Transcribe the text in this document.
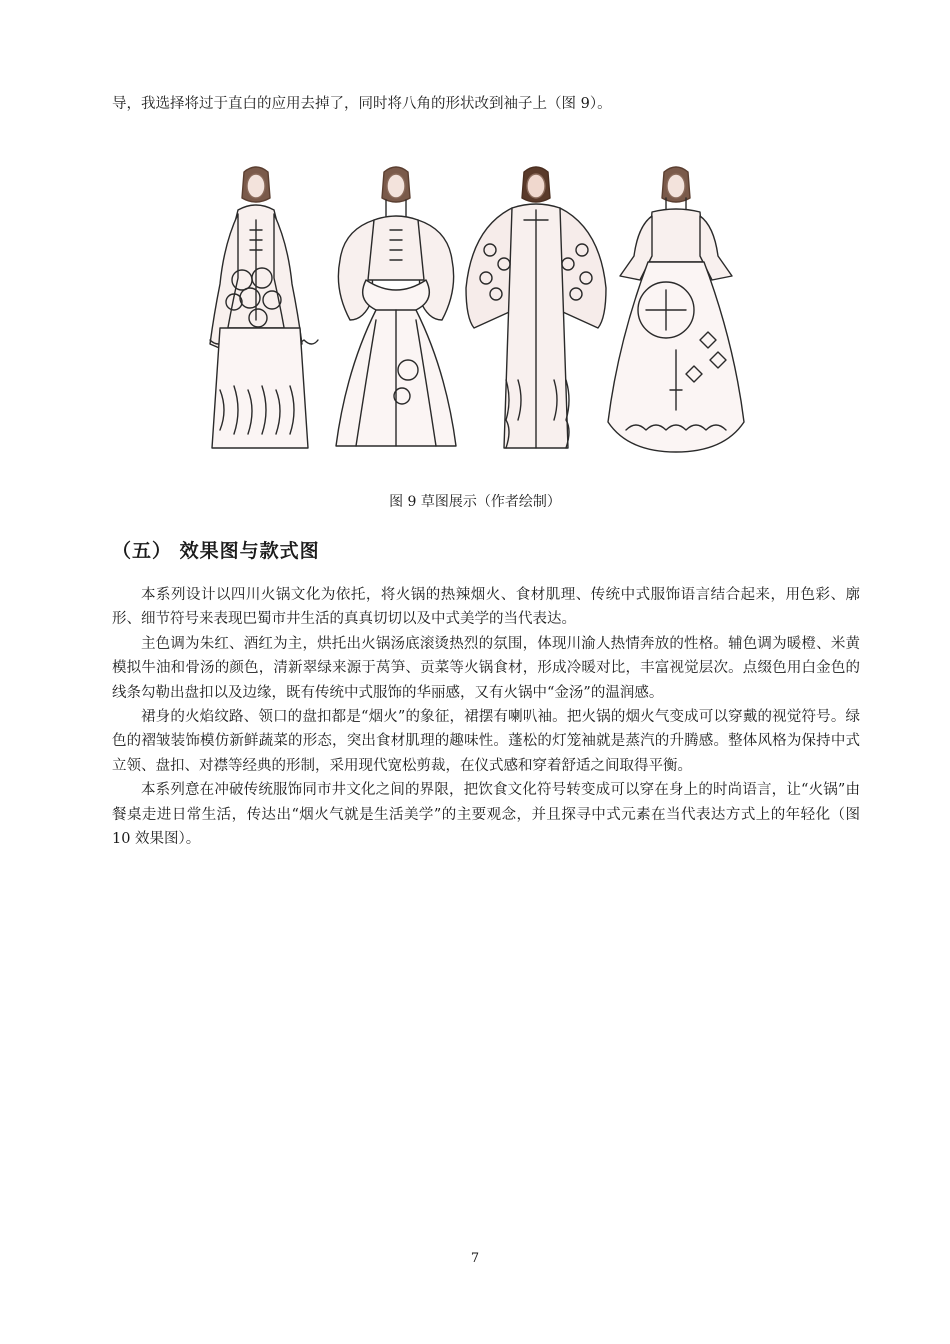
导，我选择将过于直白的应用去掉了，同时将八角的形状改到袖子上（图 9）。
图 9 草图展示（作者绘制）
（五） 效果图与款式图

本系列设计以四川火锅文化为依托，将火锅的热辣烟火、食材肌理、传统中式服饰语言结合起来，用色彩、廓形、细节符号来表现巴蜀市井生活的真真切切以及中式美学的当代表达。

主色调为朱红、酒红为主，烘托出火锅汤底滚烫热烈的氛围，体现川渝人热情奔放的性格。辅色调为暖橙、米黄模拟牛油和骨汤的颜色，清新翠绿来源于莴笋、贡菜等火锅食材，形成冷暖对比，丰富视觉层次。点缀色用白金色的线条勾勒出盘扣以及边缘，既有传统中式服饰的华丽感，又有火锅中“金汤”的温润感。

裙身的火焰纹路、领口的盘扣都是“烟火”的象征，裙摆有喇叭袖。把火锅的烟火气变成可以穿戴的视觉符号。绿色的褶皱装饰模仿新鲜蔬菜的形态，突出食材肌理的趣味性。蓬松的灯笼袖就是蒸汽的升腾感。整体风格为保持中式立领、盘扣、对襟等经典的形制，采用现代宽松剪裁，在仪式感和穿着舒适之间取得平衡。

本系列意在冲破传统服饰同市井文化之间的界限，把饮食文化符号转变成可以穿在身上的时尚语言，让“火锅”由餐桌走进日常生活，传达出“烟火气就是生活美学”的主要观念，并且探寻中式元素在当代表达方式上的年轻化（图 10 效果图）。

7
